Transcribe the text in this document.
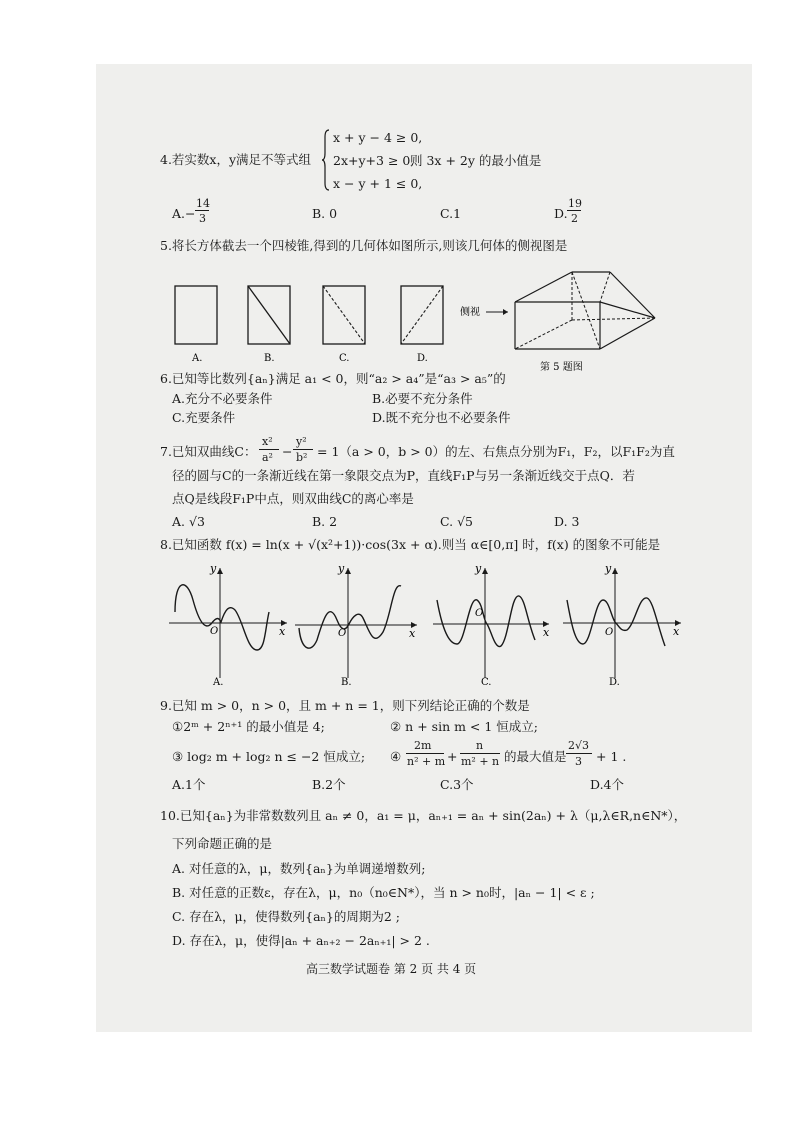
4.若实数x，y满足不等式组
x + y − 4 ≥ 0,
2x+y+3 ≥ 0,
x − y + 1 ≤ 0,
则 3x + 2y 的最小值是
A.−
14
3	B. 0	C.1	D.
19
2
5.将长方体截去一个四棱锥,得到的几何体如图所示,则该几何体的侧视图是
A.	B.	C.	D.
侧视
第 5 题图
6.已知等比数列{aₙ}满足 a₁ < 0，则“a₂ > a₄”是“a₃ > a₅”的
A.充分不必要条件	B.必要不充分条件
C.充要条件	D.既不充分也不必要条件
7.已知双曲线C：
x²
a² −
y²
b² = 1（a > 0，b > 0）的左、右焦点分别为F₁，F₂，以F₁F₂为直
径的圆与C的一条渐近线在第一象限交点为P，直线F₁P与另一条渐近线交于点Q．若
点Q是线段F₁P中点，则双曲线C的离心率是
A. √3	B. 2	C. √5	D. 3
8.已知函数 f(x) = ln(x + √(x²+1))·cos(3x + α).则当 α∈[0,π] 时，f(x) 的图象不可能是
y
x
O
A.
y
x
O
B.
y
x
O
C.
y
x
O
D.
9.已知 m > 0，n > 0，且 m + n = 1，则下列结论正确的个数是
①2ᵐ + 2ⁿ⁺¹ 的最小值是 4;	② n + sin m < 1 恒成立;
③ log₂ m + log₂ n ≤ −2 恒成立; ④
2m
n² + m +
n
m² + n 的最大值是
2√3
3 + 1 .
A.1个	B.2个	C.3个	D.4个
10.已知{aₙ}为非常数数列且 aₙ ≠ 0，a₁ = μ，aₙ₊₁ = aₙ + sin(2aₙ) + λ（μ,λ∈R,n∈N*），
下列命题正确的是
A. 对任意的λ，μ，数列{aₙ}为单调递增数列;
B. 对任意的正数ε，存在λ，μ，n₀（n₀∈N*），当 n > n₀时，|aₙ − 1| < ε ;
C. 存在λ，μ，使得数列{aₙ}的周期为2 ;
D. 存在λ，μ，使得|aₙ + aₙ₊₂ − 2aₙ₊₁| > 2 .
高三数学试题卷 第 2 页 共 4 页
